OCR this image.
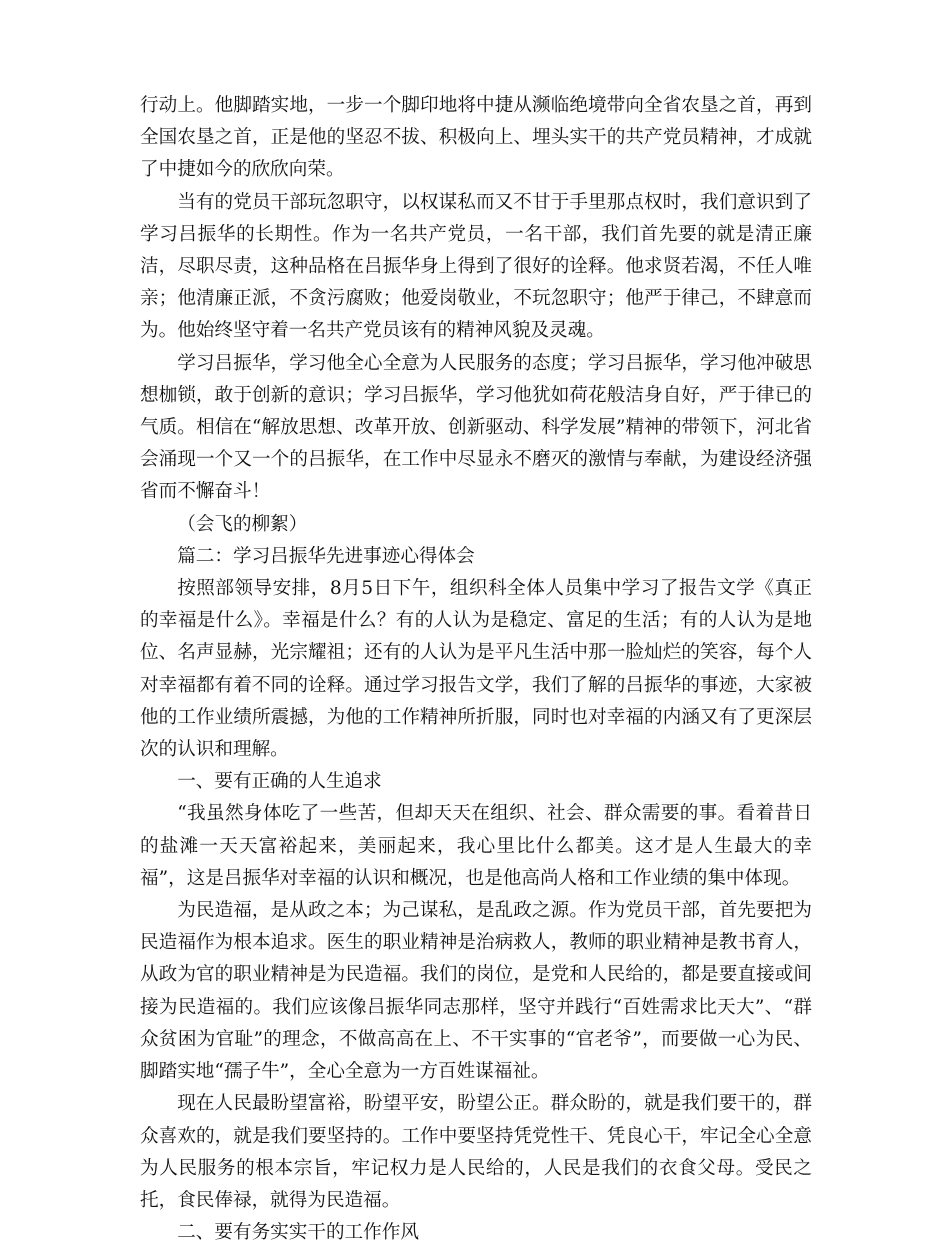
行动上。他脚踏实地，一步一个脚印地将中捷从濒临绝境带向全省农垦之首，再到全国农垦之首，正是他的坚忍不拔、积极向上、埋头实干的共产党员精神，才成就了中捷如今的欣欣向荣。

当有的党员干部玩忽职守，以权谋私而又不甘于手里那点权时，我们意识到了学习吕振华的长期性。作为一名共产党员，一名干部，我们首先要的就是清正廉洁，尽职尽责，这种品格在吕振华身上得到了很好的诠释。他求贤若渴，不任人唯亲；他清廉正派，不贪污腐败；他爱岗敬业，不玩忽职守；他严于律己，不肆意而为。他始终坚守着一名共产党员该有的精神风貌及灵魂。

学习吕振华，学习他全心全意为人民服务的态度；学习吕振华，学习他冲破思想枷锁，敢于创新的意识；学习吕振华，学习他犹如荷花般洁身自好，严于律已的气质。相信在“解放思想、改革开放、创新驱动、科学发展”精神的带领下，河北省会涌现一个又一个的吕振华，在工作中尽显永不磨灭的激情与奉献，为建设经济强省而不懈奋斗！

（会飞的柳絮）

篇二：学习吕振华先进事迹心得体会

按照部领导安排，8月5日下午，组织科全体人员集中学习了报告文学《真正的幸福是什么》。幸福是什么？有的人认为是稳定、富足的生活；有的人认为是地位、名声显赫，光宗耀祖；还有的人认为是平凡生活中那一脸灿烂的笑容，每个人对幸福都有着不同的诠释。通过学习报告文学，我们了解的吕振华的事迹，大家被他的工作业绩所震撼，为他的工作精神所折服，同时也对幸福的内涵又有了更深层次的认识和理解。

一、要有正确的人生追求

“我虽然身体吃了一些苦，但却天天在组织、社会、群众需要的事。看着昔日的盐滩一天天富裕起来，美丽起来，我心里比什么都美。这才是人生最大的幸福”，这是吕振华对幸福的认识和概况，也是他高尚人格和工作业绩的集中体现。

为民造福，是从政之本；为己谋私，是乱政之源。作为党员干部，首先要把为民造福作为根本追求。医生的职业精神是治病救人，教师的职业精神是教书育人，从政为官的职业精神是为民造福。我们的岗位，是党和人民给的，都是要直接或间接为民造福的。我们应该像吕振华同志那样，坚守并践行“百姓需求比天大”、“群众贫困为官耻”的理念，不做高高在上、不干实事的“官老爷”，而要做一心为民、脚踏实地“孺子牛”，全心全意为一方百姓谋福祉。

现在人民最盼望富裕，盼望平安，盼望公正。群众盼的，就是我们要干的，群众喜欢的，就是我们要坚持的。工作中要坚持凭党性干、凭良心干，牢记全心全意为人民服务的根本宗旨，牢记权力是人民给的，人民是我们的衣食父母。受民之托，食民俸禄，就得为民造福。

二、要有务实实干的工作作风
